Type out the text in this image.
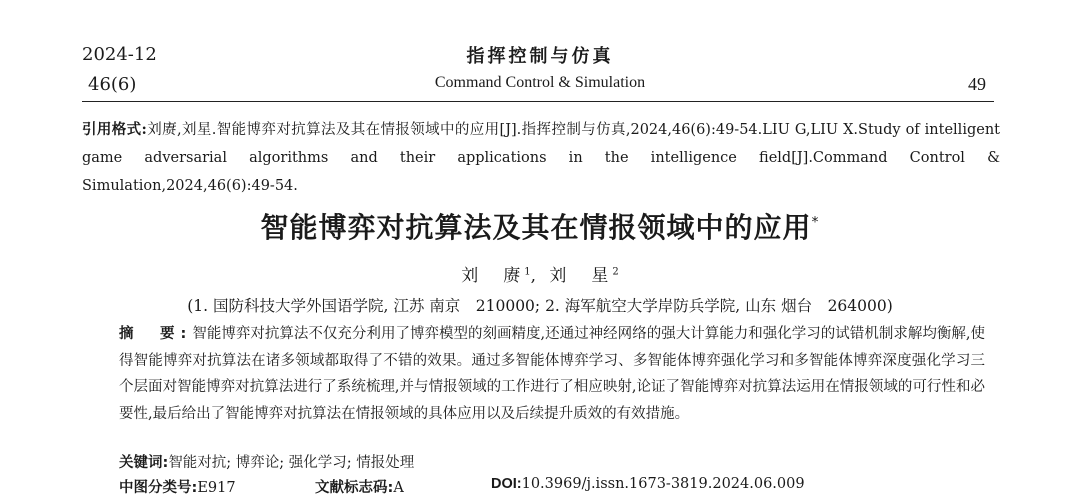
2024-12
46(6)
指挥控制与仿真
Command Control & Simulation	49
引用格式:刘赓,刘星.智能博弈对抗算法及其在情报领域中的应用[J].指挥控制与仿真,2024,46(6):49-54.LIU G,LIU X.Study of intelligent game adversarial algorithms and their applications in the intelligence field[J].Command Control & Simulation,2024,46(6):49-54.
智能博弈对抗算法及其在情报领域中的应用*
刘　赓$^1$, 刘　星$^2$
(1. 国防科技大学外国语学院, 江苏 南京　210000; 2. 海军航空大学岸防兵学院, 山东 烟台　264000)
摘　要:智能博弈对抗算法不仅充分利用了博弈模型的刻画精度,还通过神经网络的强大计算能力和强化学习的试错机制求解均衡解,使得智能博弈对抗算法在诸多领域都取得了不错的效果。通过多智能体博弈学习、多智能体博弈强化学习和多智能体博弈深度强化学习三个层面对智能博弈对抗算法进行了系统梳理,并与情报领域的工作进行了相应映射,论证了智能博弈对抗算法运用在情报领域的可行性和必要性,最后给出了智能博弈对抗算法在情报领域的具体应用以及后续提升质效的有效措施。
关键词:智能对抗; 博弈论; 强化学习; 情报处理
中图分类号:E917	文献标志码:A	DOI:10.3969/j.issn.1673-3819.2024.06.009
